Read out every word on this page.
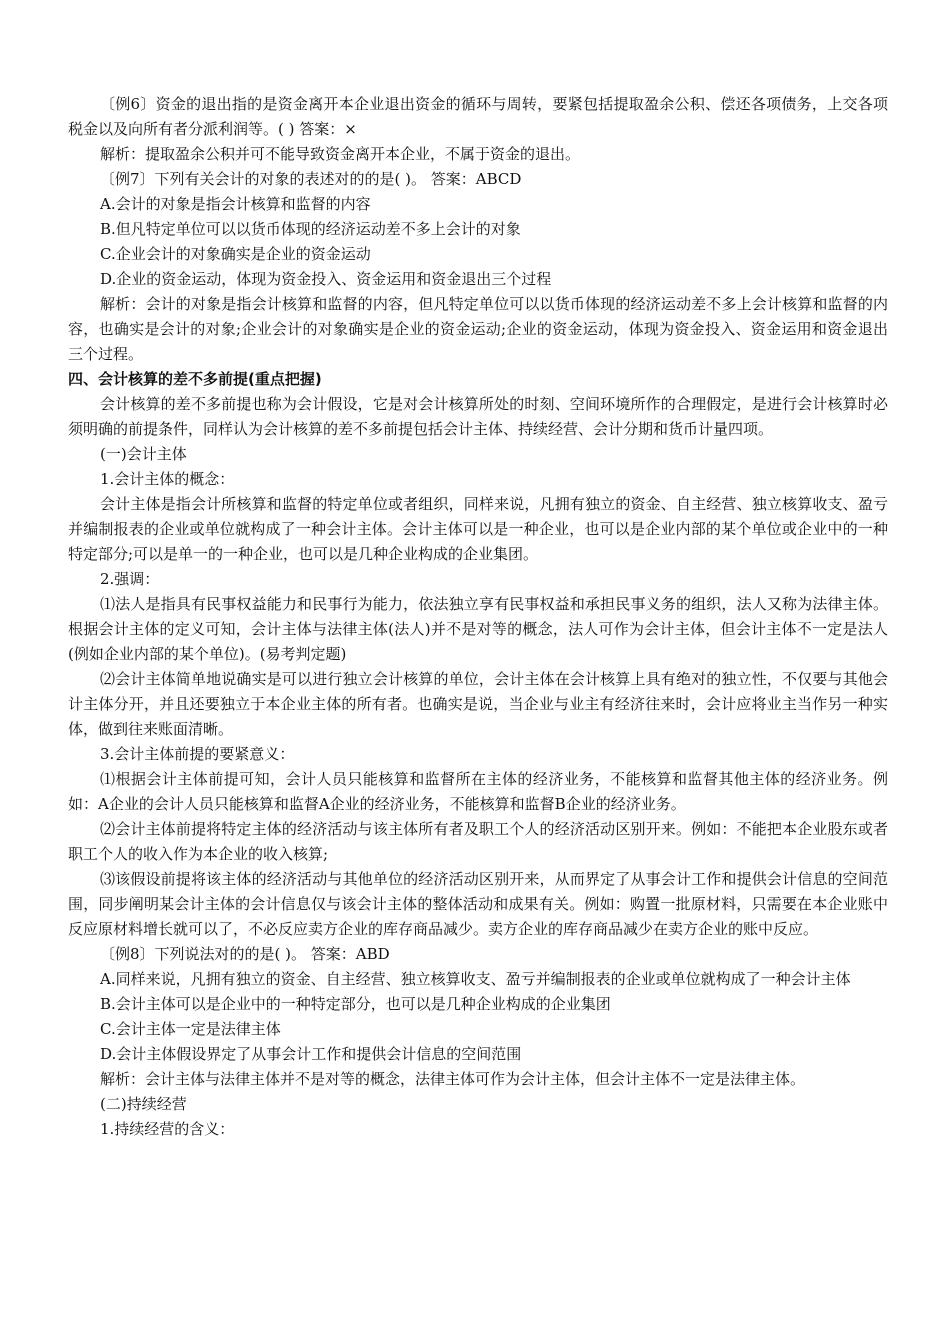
〔例6〕资金的退出指的是资金离开本企业退出资金的循环与周转，要紧包括提取盈余公积、偿还各项债务，上交各项税金以及向所有者分派利润等。( ) 答案：×

解析：提取盈余公积并可不能导致资金离开本企业，不属于资金的退出。

〔例7〕下列有关会计的对象的表述对的的是( )。 答案：ABCD

A.会计的对象是指会计核算和监督的内容

B.但凡特定单位可以以货币体现的经济运动差不多上会计的对象

C.企业会计的对象确实是企业的资金运动

D.企业的资金运动，体现为资金投入、资金运用和资金退出三个过程

解析：会计的对象是指会计核算和监督的内容，但凡特定单位可以以货币体现的经济运动差不多上会计核算和监督的内容，也确实是会计的对象;企业会计的对象确实是企业的资金运动;企业的资金运动，体现为资金投入、资金运用和资金退出三个过程。

四、会计核算的差不多前提(重点把握)

会计核算的差不多前提也称为会计假设，它是对会计核算所处的时刻、空间环境所作的合理假定，是进行会计核算时必须明确的前提条件，同样认为会计核算的差不多前提包括会计主体、持续经营、会计分期和货币计量四项。

(一)会计主体

1.会计主体的概念：

会计主体是指会计所核算和监督的特定单位或者组织，同样来说，凡拥有独立的资金、自主经营、独立核算收支、盈亏并编制报表的企业或单位就构成了一种会计主体。会计主体可以是一种企业，也可以是企业内部的某个单位或企业中的一种特定部分;可以是单一的一种企业，也可以是几种企业构成的企业集团。

2.强调：

⑴法人是指具有民事权益能力和民事行为能力，依法独立享有民事权益和承担民事义务的组织，法人又称为法律主体。根据会计主体的定义可知，会计主体与法律主体(法人)并不是对等的概念，法人可作为会计主体，但会计主体不一定是法人(例如企业内部的某个单位)。(易考判定题)

⑵会计主体简单地说确实是可以进行独立会计核算的单位，会计主体在会计核算上具有绝对的独立性，不仅要与其他会计主体分开，并且还要独立于本企业主体的所有者。也确实是说，当企业与业主有经济往来时，会计应将业主当作另一种实体，做到往来账面清晰。

3.会计主体前提的要紧意义：

⑴根据会计主体前提可知，会计人员只能核算和监督所在主体的经济业务，不能核算和监督其他主体的经济业务。例如：A企业的会计人员只能核算和监督A企业的经济业务，不能核算和监督B企业的经济业务。

⑵会计主体前提将特定主体的经济活动与该主体所有者及职工个人的经济活动区别开来。例如：不能把本企业股东或者职工个人的收入作为本企业的收入核算;

⑶该假设前提将该主体的经济活动与其他单位的经济活动区别开来，从而界定了从事会计工作和提供会计信息的空间范围，同步阐明某会计主体的会计信息仅与该会计主体的整体活动和成果有关。例如：购置一批原材料，只需要在本企业账中反应原材料增长就可以了，不必反应卖方企业的库存商品减少。卖方企业的库存商品减少在卖方企业的账中反应。

〔例8〕下列说法对的的是( )。 答案：ABD

A.同样来说，凡拥有独立的资金、自主经营、独立核算收支、盈亏并编制报表的企业或单位就构成了一种会计主体

B.会计主体可以是企业中的一种特定部分，也可以是几种企业构成的企业集团

C.会计主体一定是法律主体

D.会计主体假设界定了从事会计工作和提供会计信息的空间范围

解析：会计主体与法律主体并不是对等的概念，法律主体可作为会计主体，但会计主体不一定是法律主体。

(二)持续经营

1.持续经营的含义：
